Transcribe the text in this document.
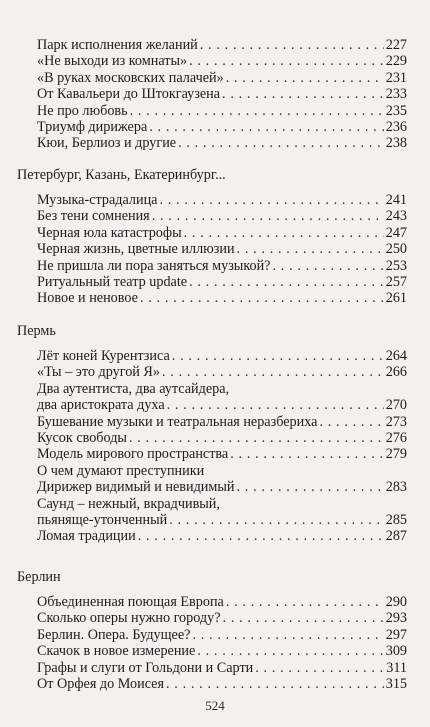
Парк исполнения желаний . . .	227
«Не выходи из комнаты» . . .	229
«В руках московских палачей» . . .	231
От Кавальери до Штокгаузена . . .	233
Не про любовь . . .	235
Триумф дирижера . . .	236
Кюи, Берлиоз и другие . . .	238
Петербург, Казань, Екатеринбург...
Музыка-страдалица . . .	241
Без тени сомнения . . .	243
Черная юла катастрофы . . .	247
Черная жизнь, цветные иллюзии . . .	250
Не пришла ли пора заняться музыкой? . . .	253
Ритуальный театр update . . .	257
Новое и неновое . . .	261
Пермь
Лёт коней Курентзиса . . .	264
«Ты – это другой Я» . . .	266
Два аутентиста, два аутсайдера,
два аристократа духа . . .	270
Бушевание музыки и театральная неразбериха . . .	273
Кусок свободы . . .	276
Модель мирового пространства . . .	279
О чем думают преступники
Дирижер видимый и невидимый . . .	283
Саунд – нежный, вкрадчивый,
пьяняще-утонченный . . .	285
Ломая традиции . . .	287
Берлин
Объединенная поющая Европа . . .	290
Сколько оперы нужно городу? . . .	293
Берлин. Опера. Будущее? . . .	297
Скачок в новое измерение . . .	309
Графы и слуги от Гольдони и Сарти . . .	311
От Орфея до Моисея . . .	315
524
